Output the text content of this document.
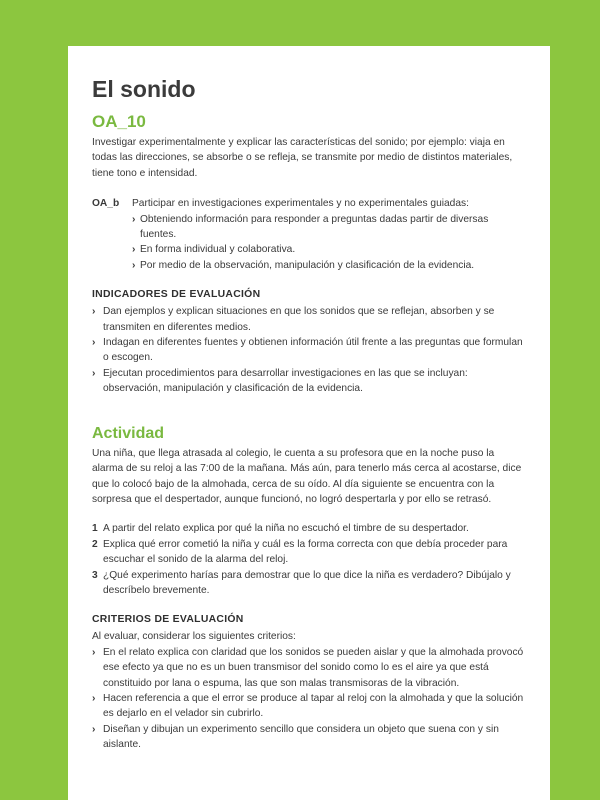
El sonido
OA_10

Investigar experimentalmente y explicar las características del sonido; por ejemplo: viaja en todas las direcciones, se absorbe o se refleja, se transmite por medio de distintos materiales, tiene tono e intensidad.

OA_b	Participar en investigaciones experimentales y no experimentales guiadas:
› Obteniendo información para responder a preguntas dadas partir de diversas fuentes.
› En forma individual y colaborativa.
› Por medio de la observación, manipulación y clasificación de la evidencia.
INDICADORES DE EVALUACIÓN
› Dan ejemplos y explican situaciones en que los sonidos que se reflejan, absorben y se transmiten en diferentes medios.
› Indagan en diferentes fuentes y obtienen información útil frente a las preguntas que formulan o escogen.
› Ejecutan procedimientos para desarrollar investigaciones en las que se incluyan: observación, manipulación y clasificación de la evidencia.
Actividad

Una niña, que llega atrasada al colegio, le cuenta a su profesora que en la noche puso la alarma de su reloj a las 7:00 de la mañana. Más aún, para tenerlo más cerca al acostarse, dice que lo colocó bajo de la almohada, cerca de su oído. Al día siguiente se encuentra con la sorpresa que el despertador, aunque funcionó, no logró despertarla y por ello se retrasó.

1 A partir del relato explica por qué la niña no escuchó el timbre de su despertador.
2 Explica qué error cometió la niña y cuál es la forma correcta con que debía proceder para escuchar el sonido de la alarma del reloj.
3 ¿Qué experimento harías para demostrar que lo que dice la niña es verdadero? Dibújalo y descríbelo brevemente.
CRITERIOS DE EVALUACIÓN

Al evaluar, considerar los siguientes criterios:

› En el relato explica con claridad que los sonidos se pueden aislar y que la almohada provocó ese efecto ya que no es un buen transmisor del sonido como lo es el aire ya que está constituido por lana o espuma, las que son malas transmisoras de la vibración.
› Hacen referencia a que el error se produce al tapar al reloj con la almohada y que la solución es dejarlo en el velador sin cubrirlo.
› Diseñan y dibujan un experimento sencillo que considera un objeto que suena con y sin aislante.
